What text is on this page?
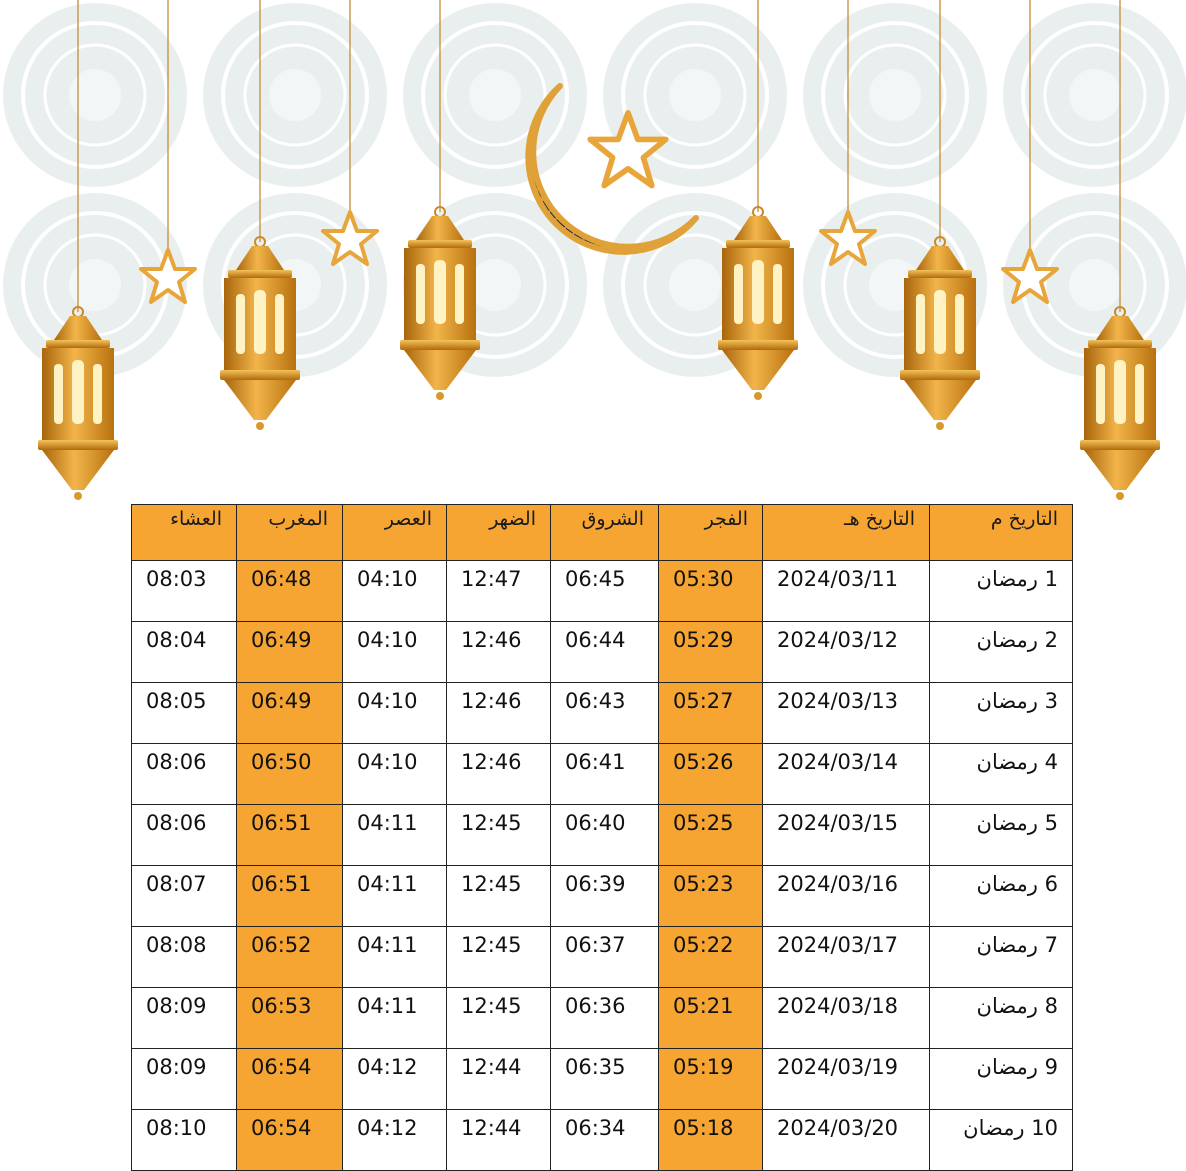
التاريخ م	التاريخ هـ	الفجر	الشروق	الضهر	العصر	المغرب	العشاء
1 رمضان	2024/03/11	05:30	06:45	12:47	04:10	06:48	08:03
2 رمضان	2024/03/12	05:29	06:44	12:46	04:10	06:49	08:04
3 رمضان	2024/03/13	05:27	06:43	12:46	04:10	06:49	08:05
4 رمضان	2024/03/14	05:26	06:41	12:46	04:10	06:50	08:06
5 رمضان	2024/03/15	05:25	06:40	12:45	04:11	06:51	08:06
6 رمضان	2024/03/16	05:23	06:39	12:45	04:11	06:51	08:07
7 رمضان	2024/03/17	05:22	06:37	12:45	04:11	06:52	08:08
8 رمضان	2024/03/18	05:21	06:36	12:45	04:11	06:53	08:09
9 رمضان	2024/03/19	05:19	06:35	12:44	04:12	06:54	08:09
10 رمضان	2024/03/20	05:18	06:34	12:44	04:12	06:54	08:10
